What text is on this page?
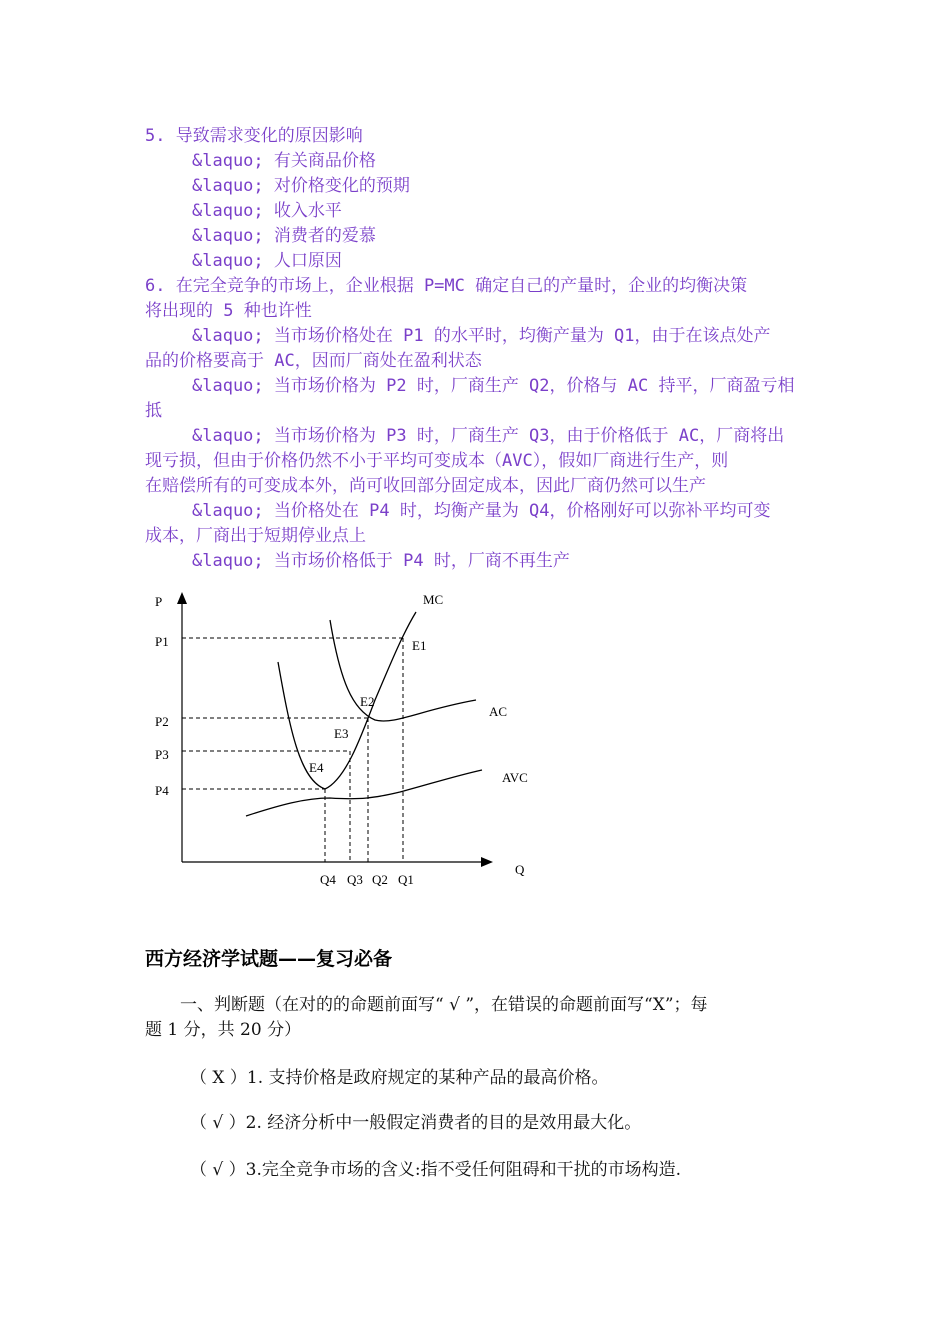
5. 导致需求变化的原因影响
&laquo; 有关商品价格
&laquo; 对价格变化的预期
&laquo; 收入水平
&laquo; 消费者的爱慕
&laquo; 人口原因
6. 在完全竞争的市场上，企业根据 P=MC 确定自己的产量时，企业的均衡决策
将出现的 5 种也许性
&laquo; 当市场价格处在 P1 的水平时，均衡产量为 Q1，由于在该点处产
品的价格要高于 AC，因而厂商处在盈利状态
&laquo; 当市场价格为 P2 时，厂商生产 Q2，价格与 AC 持平，厂商盈亏相
抵
&laquo; 当市场价格为 P3 时，厂商生产 Q3，由于价格低于 AC，厂商将出
现亏损，但由于价格仍然不小于平均可变成本（AVC），假如厂商进行生产，则
在赔偿所有的可变成本外，尚可收回部分固定成本，因此厂商仍然可以生产
&laquo; 当价格处在 P4 时，均衡产量为 Q4，价格刚好可以弥补平均可变
成本，厂商出于短期停业点上
&laquo; 当市场价格低于 P4 时，厂商不再生产
P
Q
P1
P2
P3
P4
Q4 Q3 Q2 Q1
MC
AC
AVC
E1
E2
E3
E4
西方经济学试题——复习必备
一、判断题（在对的的命题前面写“ √ ”，在错误的命题前面写“X”；每
题 1 分，共 20 分）
（ X ）1. 支持价格是政府规定的某种产品的最高价格。
（ √ ）2. 经济分析中一般假定消费者的目的是效用最大化。
（ √ ）3.完全竞争市场的含义:指不受任何阻碍和干扰的市场构造.
